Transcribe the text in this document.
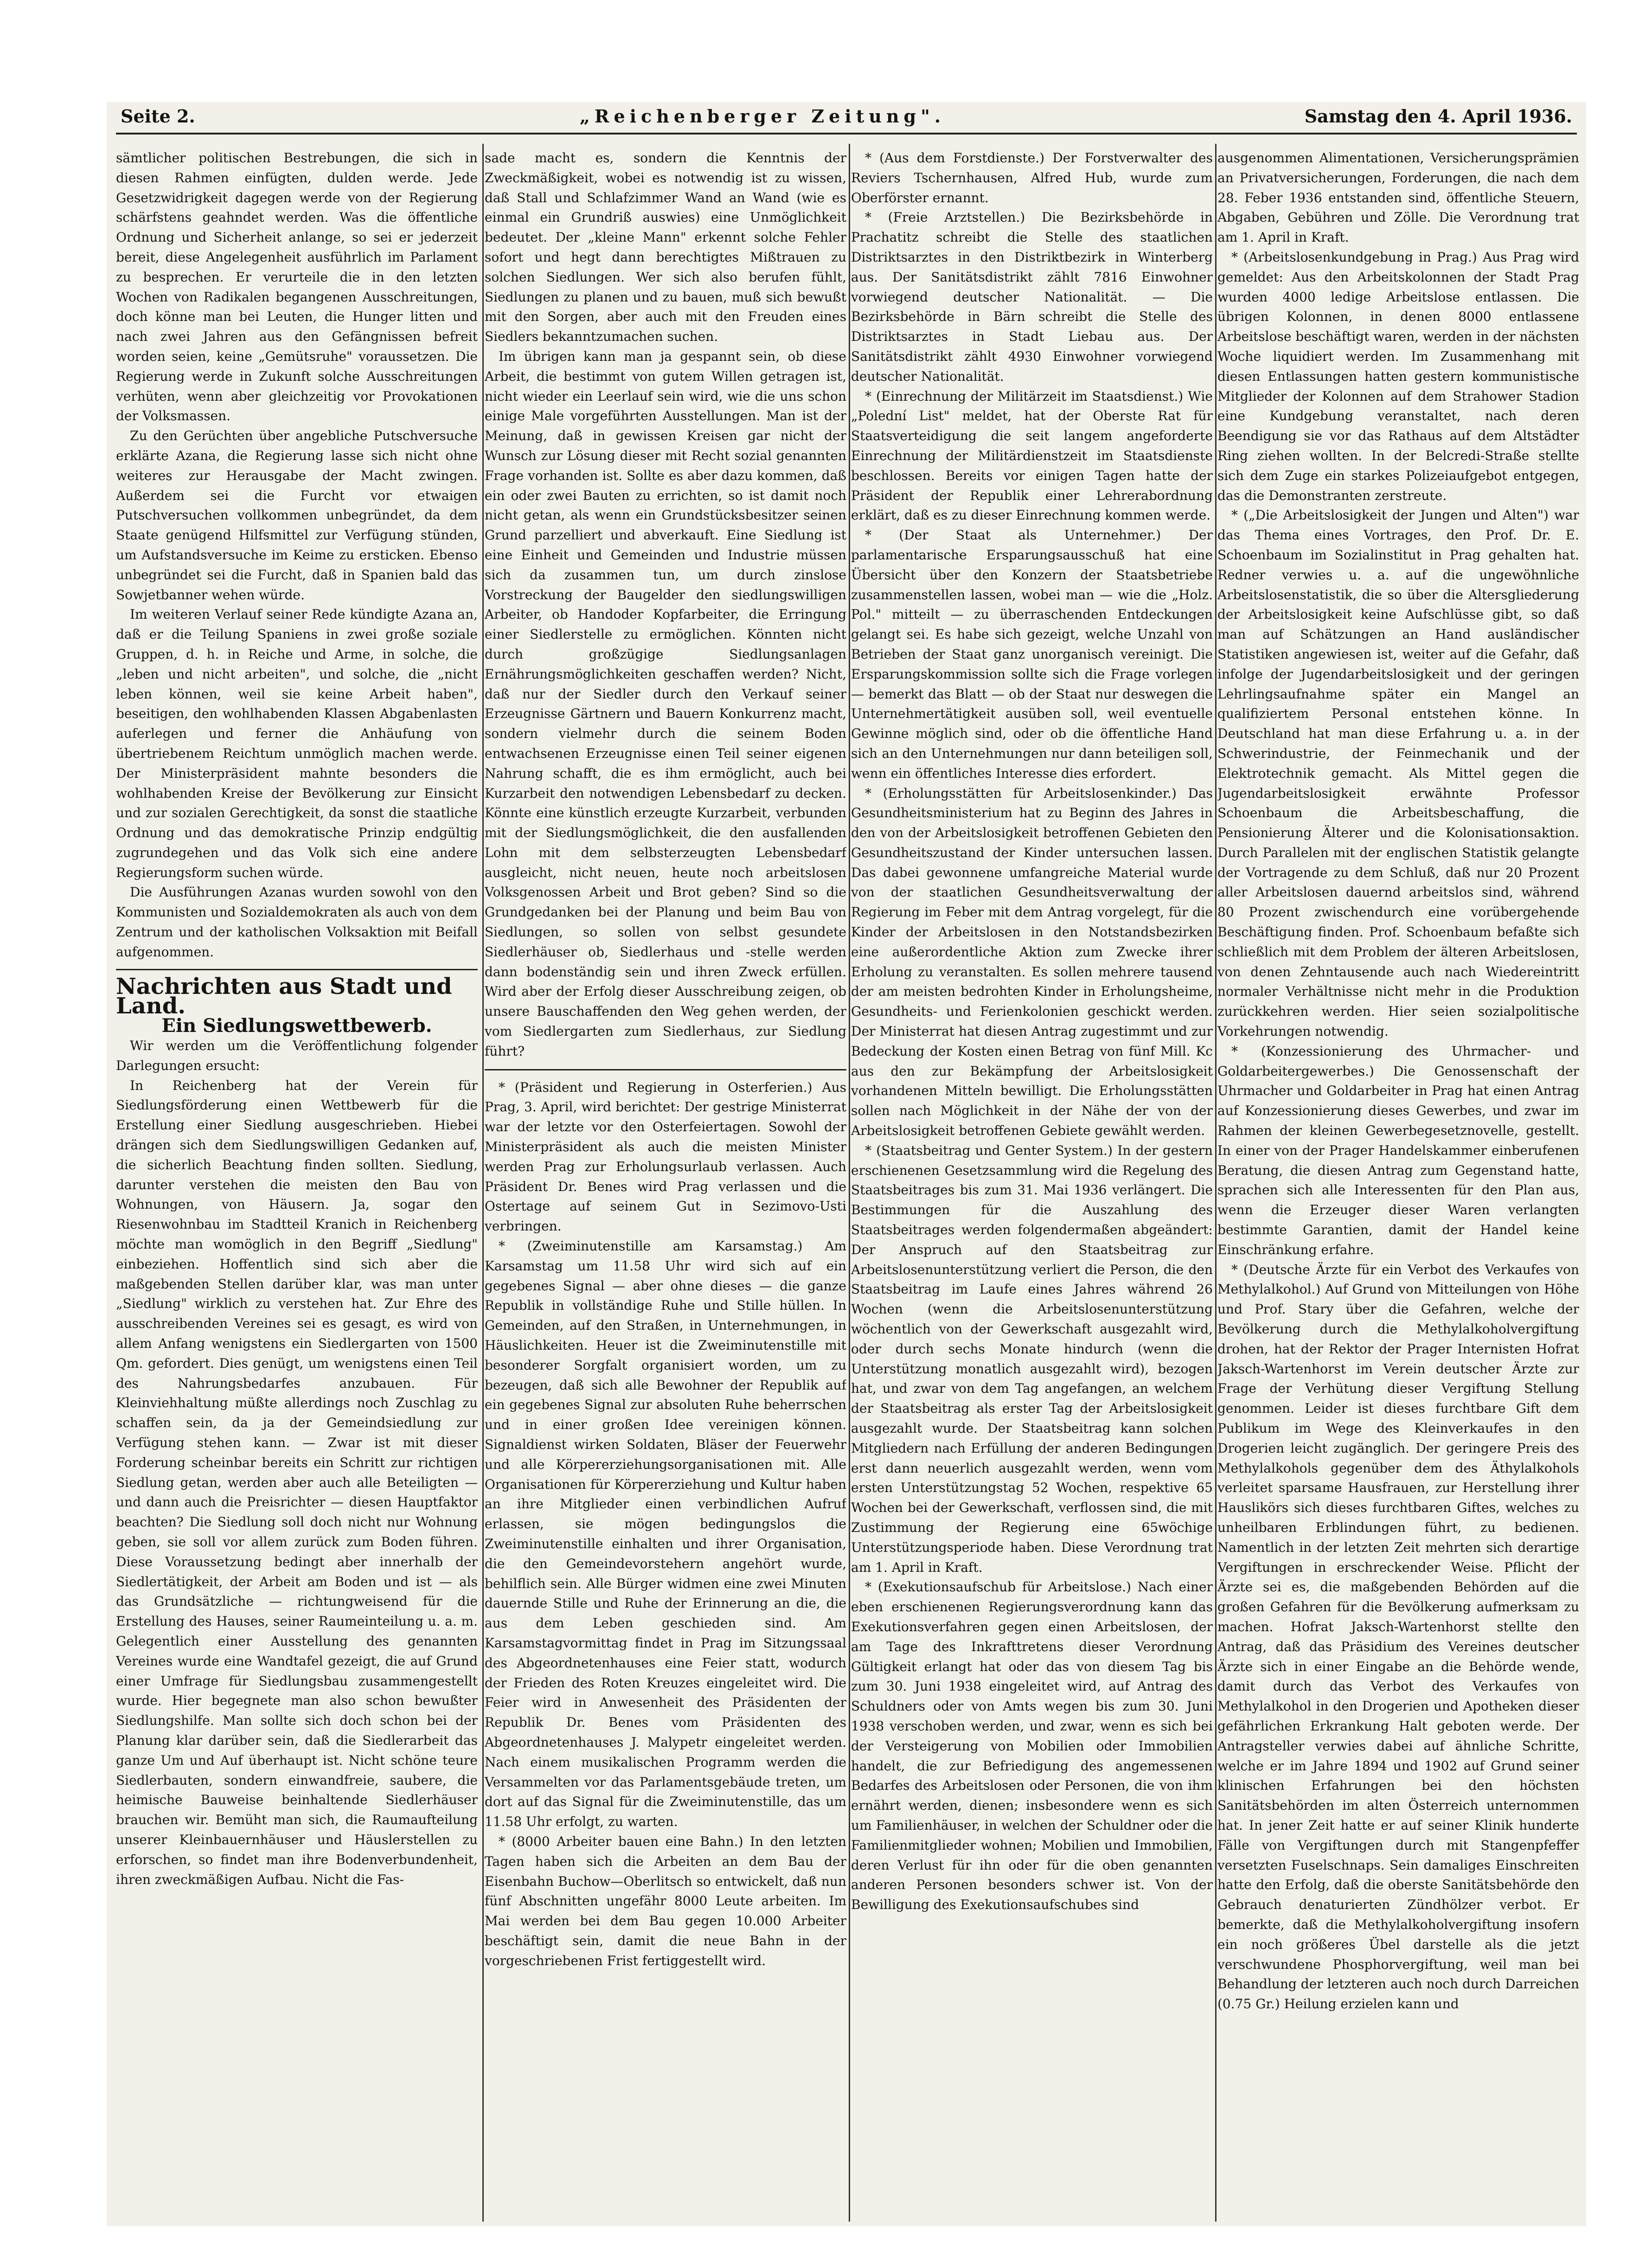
Seite 2.	„Reichenberger Zeitung".	Samstag den 4. April 1936.

sämtlicher politischen Bestrebungen, die sich in diesen Rahmen einfügten, dulden werde. Jede Gesetzwidrigkeit dagegen werde von der Regierung schärfstens geahndet werden. Was die öffentliche Ordnung und Sicherheit anlange, so sei er jederzeit bereit, diese Angelegenheit ausführlich im Parlament zu besprechen. Er verurteile die in den letzten Wochen von Radikalen begangenen Ausschreitungen, doch könne man bei Leuten, die Hunger litten und nach zwei Jahren aus den Gefängnissen befreit worden seien, keine „Gemütsruhe" voraussetzen. Die Regierung werde in Zukunft solche Ausschreitungen verhüten, wenn aber gleichzeitig vor Provokationen der Volksmassen.

Zu den Gerüchten über angebliche Putschversuche erklärte Azana, die Regierung lasse sich nicht ohne weiteres zur Herausgabe der Macht zwingen. Außerdem sei die Furcht vor etwaigen Putschversuchen vollkommen unbegründet, da dem Staate genügend Hilfsmittel zur Verfügung stünden, um Aufstandsversuche im Keime zu ersticken. Ebenso unbegründet sei die Furcht, daß in Spanien bald das Sowjetbanner wehen würde.

Im weiteren Verlauf seiner Rede kündigte Azana an, daß er die Teilung Spaniens in zwei große soziale Gruppen, d. h. in Reiche und Arme, in solche, die „leben und nicht arbeiten", und solche, die „nicht leben können, weil sie keine Arbeit haben", beseitigen, den wohlhabenden Klassen Abgabenlasten auferlegen und ferner die Anhäufung von übertriebenem Reichtum unmöglich machen werde. Der Ministerpräsident mahnte besonders die wohlhabenden Kreise der Bevölkerung zur Einsicht und zur sozialen Gerechtigkeit, da sonst die staatliche Ordnung und das demokratische Prinzip endgültig zugrundegehen und das Volk sich eine andere Regierungsform suchen würde.

Die Ausführungen Azanas wurden sowohl von den Kommunisten und Sozialdemokraten als auch von dem Zentrum und der katholischen Volksaktion mit Beifall aufgenommen.

Nachrichten aus Stadt und Land.

Ein Siedlungswettbewerb.

Wir werden um die Veröffentlichung folgender Darlegungen ersucht:

In Reichenberg hat der Verein für Siedlungsförderung einen Wettbewerb für die Erstellung einer Siedlung ausgeschrieben. Hiebei drängen sich dem Siedlungswilligen Gedanken auf, die sicherlich Beachtung finden sollten. Siedlung, darunter verstehen die meisten den Bau von Wohnungen, von Häusern. Ja, sogar den Riesenwohnbau im Stadtteil Kranich in Reichenberg möchte man womöglich in den Begriff „Siedlung" einbeziehen. Hoffentlich sind sich aber die maßgebenden Stellen darüber klar, was man unter „Siedlung" wirklich zu verstehen hat. Zur Ehre des ausschreibenden Vereines sei es gesagt, es wird von allem Anfang wenigstens ein Siedlergarten von 1500 Qm. gefordert. Dies genügt, um wenigstens einen Teil des Nahrungsbedarfes anzubauen. Für Kleinviehhaltung müßte allerdings noch Zuschlag zu schaffen sein, da ja der Gemeindsiedlung zur Verfügung stehen kann. — Zwar ist mit dieser Forderung scheinbar bereits ein Schritt zur richtigen Siedlung getan, werden aber auch alle Beteiligten — und dann auch die Preisrichter — diesen Hauptfaktor beachten? Die Siedlung soll doch nicht nur Wohnung geben, sie soll vor allem zurück zum Boden führen. Diese Voraussetzung bedingt aber innerhalb der Siedlertätigkeit, der Arbeit am Boden und ist — als das Grundsätzliche — richtungweisend für die Erstellung des Hauses, seiner Raumeinteilung u. a. m. Gelegentlich einer Ausstellung des genannten Vereines wurde eine Wandtafel gezeigt, die auf Grund einer Umfrage für Siedlungsbau zusammengestellt wurde. Hier begegnete man also schon bewußter Siedlungshilfe. Man sollte sich doch schon bei der Planung klar darüber sein, daß die Siedlerarbeit das ganze Um und Auf überhaupt ist. Nicht schöne teure Siedlerbauten, sondern einwandfreie, saubere, die heimische Bauweise beinhaltende Siedlerhäuser brauchen wir. Bemüht man sich, die Raumaufteilung unserer Kleinbauernhäuser und Häuslerstellen zu erforschen, so findet man ihre Bodenverbundenheit, ihren zweckmäßigen Aufbau. Nicht die Fas-

sade macht es, sondern die Kenntnis der Zweckmäßigkeit, wobei es notwendig ist zu wissen, daß Stall und Schlafzimmer Wand an Wand (wie es einmal ein Grundriß auswies) eine Unmöglichkeit bedeutet. Der „kleine Mann" erkennt solche Fehler sofort und hegt dann berechtigtes Mißtrauen zu solchen Siedlungen. Wer sich also berufen fühlt, Siedlungen zu planen und zu bauen, muß sich bewußt mit den Sorgen, aber auch mit den Freuden eines Siedlers bekanntzumachen suchen.

Im übrigen kann man ja gespannt sein, ob diese Arbeit, die bestimmt von gutem Willen getragen ist, nicht wieder ein Leerlauf sein wird, wie die uns schon einige Male vorgeführten Ausstellungen. Man ist der Meinung, daß in gewissen Kreisen gar nicht der Wunsch zur Lösung dieser mit Recht sozial genannten Frage vorhanden ist. Sollte es aber dazu kommen, daß ein oder zwei Bauten zu errichten, so ist damit noch nicht getan, als wenn ein Grundstücksbesitzer seinen Grund parzelliert und abverkauft. Eine Siedlung ist eine Einheit und Gemeinden und Industrie müssen sich da zusammen tun, um durch zinslose Vorstreckung der Baugelder den siedlungswilligen Arbeiter, ob Handoder Kopfarbeiter, die Erringung einer Siedlerstelle zu ermöglichen. Könnten nicht durch großzügige Siedlungsanlagen Ernährungsmöglichkeiten geschaffen werden? Nicht, daß nur der Siedler durch den Verkauf seiner Erzeugnisse Gärtnern und Bauern Konkurrenz macht, sondern vielmehr durch die seinem Boden entwachsenen Erzeugnisse einen Teil seiner eigenen Nahrung schafft, die es ihm ermöglicht, auch bei Kurzarbeit den notwendigen Lebensbedarf zu decken. Könnte eine künstlich erzeugte Kurzarbeit, verbunden mit der Siedlungsmöglichkeit, die den ausfallenden Lohn mit dem selbsterzeugten Lebensbedarf ausgleicht, nicht neuen, heute noch arbeitslosen Volksgenossen Arbeit und Brot geben? Sind so die Grundgedanken bei der Planung und beim Bau von Siedlungen, so sollen von selbst gesundete Siedlerhäuser ob, Siedlerhaus und -stelle werden dann bodenständig sein und ihren Zweck erfüllen. Wird aber der Erfolg dieser Ausschreibung zeigen, ob unsere Bauschaffenden den Weg gehen werden, der vom Siedlergarten zum Siedlerhaus, zur Siedlung führt?

* (Präsident und Regierung in Osterferien.) Aus Prag, 3. April, wird berichtet: Der gestrige Ministerrat war der letzte vor den Osterfeiertagen. Sowohl der Ministerpräsident als auch die meisten Minister werden Prag zur Erholungsurlaub verlassen. Auch Präsident Dr. Benes wird Prag verlassen und die Ostertage auf seinem Gut in Sezimovo-Usti verbringen.

* (Zweiminutenstille am Karsamstag.) Am Karsamstag um 11.58 Uhr wird sich auf ein gegebenes Signal — aber ohne dieses — die ganze Republik in vollständige Ruhe und Stille hüllen. In Gemeinden, auf den Straßen, in Unternehmungen, in Häuslichkeiten. Heuer ist die Zweiminutenstille mit besonderer Sorgfalt organisiert worden, um zu bezeugen, daß sich alle Bewohner der Republik auf ein gegebenes Signal zur absoluten Ruhe beherrschen und in einer großen Idee vereinigen können. Signaldienst wirken Soldaten, Bläser der Feuerwehr und alle Körpererziehungsorganisationen mit. Alle Organisationen für Körpererziehung und Kultur haben an ihre Mitglieder einen verbindlichen Aufruf erlassen, sie mögen bedingungslos die Zweiminutenstille einhalten und ihrer Organisation, die den Gemeindevorstehern angehört wurde, behilflich sein. Alle Bürger widmen eine zwei Minuten dauernde Stille und Ruhe der Erinnerung an die, die aus dem Leben geschieden sind. Am Karsamstagvormittag findet in Prag im Sitzungssaal des Abgeordnetenhauses eine Feier statt, wodurch der Frieden des Roten Kreuzes eingeleitet wird. Die Feier wird in Anwesenheit des Präsidenten der Republik Dr. Benes vom Präsidenten des Abgeordnetenhauses J. Malypetr eingeleitet werden. Nach einem musikalischen Programm werden die Versammelten vor das Parlamentsgebäude treten, um dort auf das Signal für die Zweiminutenstille, das um 11.58 Uhr erfolgt, zu warten.

* (8000 Arbeiter bauen eine Bahn.) In den letzten Tagen haben sich die Arbeiten an dem Bau der Eisenbahn Buchow—Oberlitsch so entwickelt, daß nun fünf Abschnitten ungefähr 8000 Leute arbeiten. Im Mai werden bei dem Bau gegen 10.000 Arbeiter beschäftigt sein, damit die neue Bahn in der vorgeschriebenen Frist fertiggestellt wird.

* (Aus dem Forstdienste.) Der Forstverwalter des Reviers Tschernhausen, Alfred Hub, wurde zum Oberförster ernannt.

* (Freie Arztstellen.) Die Bezirksbehörde in Prachatitz schreibt die Stelle des staatlichen Distriktsarztes in den Distriktbezirk in Winterberg aus. Der Sanitätsdistrikt zählt 7816 Einwohner vorwiegend deutscher Nationalität. — Die Bezirksbehörde in Bärn schreibt die Stelle des Distriktsarztes in Stadt Liebau aus. Der Sanitätsdistrikt zählt 4930 Einwohner vorwiegend deutscher Nationalität.

* (Einrechnung der Militärzeit im Staatsdienst.) Wie „Polední List" meldet, hat der Oberste Rat für Staatsverteidigung die seit langem angeforderte Einrechnung der Militärdienstzeit im Staatsdienste beschlossen. Bereits vor einigen Tagen hatte der Präsident der Republik einer Lehrerabordnung erklärt, daß es zu dieser Einrechnung kommen werde.

* (Der Staat als Unternehmer.) Der parlamentarische Ersparungsausschuß hat eine Übersicht über den Konzern der Staatsbetriebe zusammenstellen lassen, wobei man — wie die „Holz. Pol." mitteilt — zu überraschenden Entdeckungen gelangt sei. Es habe sich gezeigt, welche Unzahl von Betrieben der Staat ganz unorganisch vereinigt. Die Ersparungskommission sollte sich die Frage vorlegen — bemerkt das Blatt — ob der Staat nur deswegen die Unternehmertätigkeit ausüben soll, weil eventuelle Gewinne möglich sind, oder ob die öffentliche Hand sich an den Unternehmungen nur dann beteiligen soll, wenn ein öffentliches Interesse dies erfordert.

* (Erholungsstätten für Arbeitslosenkinder.) Das Gesundheitsministerium hat zu Beginn des Jahres in den von der Arbeitslosigkeit betroffenen Gebieten den Gesundheitszustand der Kinder untersuchen lassen. Das dabei gewonnene umfangreiche Material wurde von der staatlichen Gesundheitsverwaltung der Regierung im Feber mit dem Antrag vorgelegt, für die Kinder der Arbeitslosen in den Notstandsbezirken eine außerordentliche Aktion zum Zwecke ihrer Erholung zu veranstalten. Es sollen mehrere tausend der am meisten bedrohten Kinder in Erholungsheime, Gesundheits- und Ferienkolonien geschickt werden. Der Ministerrat hat diesen Antrag zugestimmt und zur Bedeckung der Kosten einen Betrag von fünf Mill. Kc aus den zur Bekämpfung der Arbeitslosigkeit vorhandenen Mitteln bewilligt. Die Erholungsstätten sollen nach Möglichkeit in der Nähe der von der Arbeitslosigkeit betroffenen Gebiete gewählt werden.

* (Staatsbeitrag und Genter System.) In der gestern erschienenen Gesetzsammlung wird die Regelung des Staatsbeitrages bis zum 31. Mai 1936 verlängert. Die Bestimmungen für die Auszahlung des Staatsbeitrages werden folgendermaßen abgeändert: Der Anspruch auf den Staatsbeitrag zur Arbeitslosenunterstützung verliert die Person, die den Staatsbeitrag im Laufe eines Jahres während 26 Wochen (wenn die Arbeitslosenunterstützung wöchentlich von der Gewerkschaft ausgezahlt wird, oder durch sechs Monate hindurch (wenn die Unterstützung monatlich ausgezahlt wird), bezogen hat, und zwar von dem Tag angefangen, an welchem der Staatsbeitrag als erster Tag der Arbeitslosigkeit ausgezahlt wurde. Der Staatsbeitrag kann solchen Mitgliedern nach Erfüllung der anderen Bedingungen erst dann neuerlich ausgezahlt werden, wenn vom ersten Unterstützungstag 52 Wochen, respektive 65 Wochen bei der Gewerkschaft, verflossen sind, die mit Zustimmung der Regierung eine 65wöchige Unterstützungsperiode haben. Diese Verordnung trat am 1. April in Kraft.

* (Exekutionsaufschub für Arbeitslose.) Nach einer eben erschienenen Regierungsverordnung kann das Exekutionsverfahren gegen einen Arbeitslosen, der am Tage des Inkrafttretens dieser Verordnung Gültigkeit erlangt hat oder das von diesem Tag bis zum 30. Juni 1938 eingeleitet wird, auf Antrag des Schuldners oder von Amts wegen bis zum 30. Juni 1938 verschoben werden, und zwar, wenn es sich bei der Versteigerung von Mobilien oder Immobilien handelt, die zur Befriedigung des angemessenen Bedarfes des Arbeitslosen oder Personen, die von ihm ernährt werden, dienen; insbesondere wenn es sich um Familienhäuser, in welchen der Schuldner oder die Familienmitglieder wohnen; Mobilien und Immobilien, deren Verlust für ihn oder für die oben genannten anderen Personen besonders schwer ist. Von der Bewilligung des Exekutionsaufschubes sind

ausgenommen Alimentationen, Versicherungsprämien an Privatversicherungen, Forderungen, die nach dem 28. Feber 1936 entstanden sind, öffentliche Steuern, Abgaben, Gebühren und Zölle. Die Verordnung trat am 1. April in Kraft.

* (Arbeitslosenkundgebung in Prag.) Aus Prag wird gemeldet: Aus den Arbeitskolonnen der Stadt Prag wurden 4000 ledige Arbeitslose entlassen. Die übrigen Kolonnen, in denen 8000 entlassene Arbeitslose beschäftigt waren, werden in der nächsten Woche liquidiert werden. Im Zusammenhang mit diesen Entlassungen hatten gestern kommunistische Mitglieder der Kolonnen auf dem Strahower Stadion eine Kundgebung veranstaltet, nach deren Beendigung sie vor das Rathaus auf dem Altstädter Ring ziehen wollten. In der Belcredi-Straße stellte sich dem Zuge ein starkes Polizeiaufgebot entgegen, das die Demonstranten zerstreute.

* („Die Arbeitslosigkeit der Jungen und Alten") war das Thema eines Vortrages, den Prof. Dr. E. Schoenbaum im Sozialinstitut in Prag gehalten hat. Redner verwies u. a. auf die ungewöhnliche Arbeitslosenstatistik, die so über die Altersgliederung der Arbeitslosigkeit keine Aufschlüsse gibt, so daß man auf Schätzungen an Hand ausländischer Statistiken angewiesen ist, weiter auf die Gefahr, daß infolge der Jugendarbeitslosigkeit und der geringen Lehrlingsaufnahme später ein Mangel an qualifiziertem Personal entstehen könne. In Deutschland hat man diese Erfahrung u. a. in der Schwerindustrie, der Feinmechanik und der Elektrotechnik gemacht. Als Mittel gegen die Jugendarbeitslosigkeit erwähnte Professor Schoenbaum die Arbeitsbeschaffung, die Pensionierung Älterer und die Kolonisationsaktion. Durch Parallelen mit der englischen Statistik gelangte der Vortragende zu dem Schluß, daß nur 20 Prozent aller Arbeitslosen dauernd arbeitslos sind, während 80 Prozent zwischendurch eine vorübergehende Beschäftigung finden. Prof. Schoenbaum befaßte sich schließlich mit dem Problem der älteren Arbeitslosen, von denen Zehntausende auch nach Wiedereintritt normaler Verhältnisse nicht mehr in die Produktion zurückkehren werden. Hier seien sozialpolitische Vorkehrungen notwendig.

* (Konzessionierung des Uhrmacher- und Goldarbeitergewerbes.) Die Genossenschaft der Uhrmacher und Goldarbeiter in Prag hat einen Antrag auf Konzessionierung dieses Gewerbes, und zwar im Rahmen der kleinen Gewerbegesetznovelle, gestellt. In einer von der Prager Handelskammer einberufenen Beratung, die diesen Antrag zum Gegenstand hatte, sprachen sich alle Interessenten für den Plan aus, wenn die Erzeuger dieser Waren verlangten bestimmte Garantien, damit der Handel keine Einschränkung erfahre.

* (Deutsche Ärzte für ein Verbot des Verkaufes von Methylalkohol.) Auf Grund von Mitteilungen von Höhe und Prof. Stary über die Gefahren, welche der Bevölkerung durch die Methylalkoholvergiftung drohen, hat der Rektor der Prager Internisten Hofrat Jaksch-Wartenhorst im Verein deutscher Ärzte zur Frage der Verhütung dieser Vergiftung Stellung genommen. Leider ist dieses furchtbare Gift dem Publikum im Wege des Kleinverkaufes in den Drogerien leicht zugänglich. Der geringere Preis des Methylalkohols gegenüber dem des Äthylalkohols verleitet sparsame Hausfrauen, zur Herstellung ihrer Hauslikörs sich dieses furchtbaren Giftes, welches zu unheilbaren Erblindungen führt, zu bedienen. Namentlich in der letzten Zeit mehrten sich derartige Vergiftungen in erschreckender Weise. Pflicht der Ärzte sei es, die maßgebenden Behörden auf die großen Gefahren für die Bevölkerung aufmerksam zu machen. Hofrat Jaksch-Wartenhorst stellte den Antrag, daß das Präsidium des Vereines deutscher Ärzte sich in einer Eingabe an die Behörde wende, damit durch das Verbot des Verkaufes von Methylalkohol in den Drogerien und Apotheken dieser gefährlichen Erkrankung Halt geboten werde. Der Antragsteller verwies dabei auf ähnliche Schritte, welche er im Jahre 1894 und 1902 auf Grund seiner klinischen Erfahrungen bei den höchsten Sanitätsbehörden im alten Österreich unternommen hat. In jener Zeit hatte er auf seiner Klinik hunderte Fälle von Vergiftungen durch mit Stangenpfeffer versetzten Fuselschnaps. Sein damaliges Einschreiten hatte den Erfolg, daß die oberste Sanitätsbehörde den Gebrauch denaturierten Zündhölzer verbot. Er bemerkte, daß die Methylalkoholvergiftung insofern ein noch größeres Übel darstelle als die jetzt verschwundene Phosphorvergiftung, weil man bei Behandlung der letzteren auch noch durch Darreichen (0.75 Gr.) Heilung erzielen kann und
